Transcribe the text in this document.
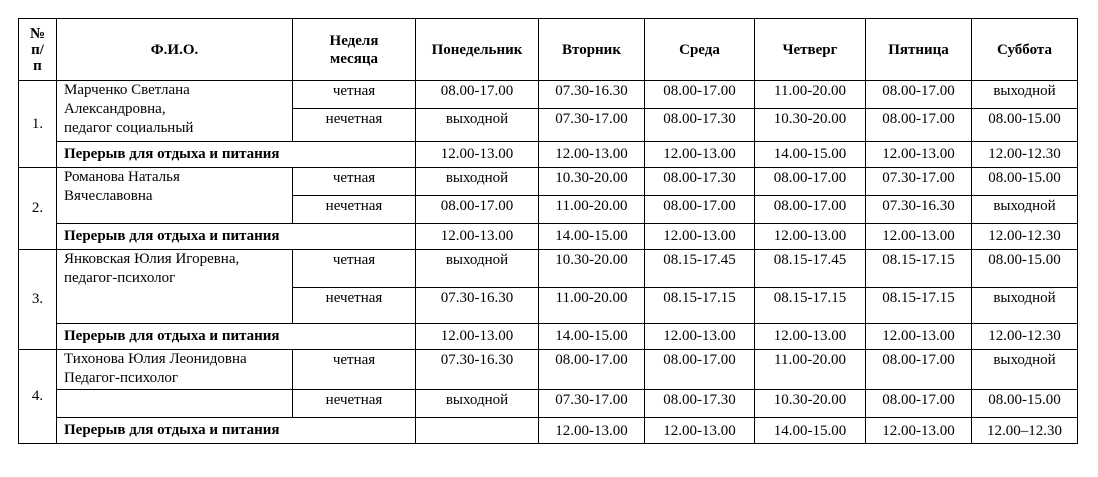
№
п/
п	Ф.И.О.	Неделя
месяца	Понедельник	Вторник	Среда	Четверг	Пятница	Суббота
1.	Марченко Светлана
Александровна,
педагог социальный	четная	08.00-17.00	07.30-16.30	08.00-17.00	11.00-20.00	08.00-17.00	выходной
		нечетная	выходной	07.30-17.00	08.00-17.30	10.30-20.00	08.00-17.00	08.00-15.00
	Перерыв для отдыха и питания		12.00-13.00	12.00-13.00	12.00-13.00	14.00-15.00	12.00-13.00	12.00-12.30
2.	Романова Наталья
Вячеславовна	четная	выходной	10.30-20.00	08.00-17.30	08.00-17.00	07.30-17.00	08.00-15.00
		нечетная	08.00-17.00	11.00-20.00	08.00-17.00	08.00-17.00	07.30-16.30	выходной
	Перерыв для отдыха и питания		12.00-13.00	14.00-15.00	12.00-13.00	12.00-13.00	12.00-13.00	12.00-12.30
3.	Янковская Юлия Игоревна,
педагог-психолог	четная	выходной	10.30-20.00	08.15-17.45	08.15-17.45	08.15-17.15	08.00-15.00
		нечетная	07.30-16.30	11.00-20.00	08.15-17.15	08.15-17.15	08.15-17.15	выходной
	Перерыв для отдыха и питания		12.00-13.00	14.00-15.00	12.00-13.00	12.00-13.00	12.00-13.00	12.00-12.30
4.	Тихонова Юлия Леонидовна
Педагог-психолог	четная	07.30-16.30	08.00-17.00	08.00-17.00	11.00-20.00	08.00-17.00	выходной
		нечетная	выходной	07.30-17.00	08.00-17.30	10.30-20.00	08.00-17.00	08.00-15.00
	Перерыв для отдыха и питания			12.00-13.00	12.00-13.00	14.00-15.00	12.00-13.00	12.00–12.30
